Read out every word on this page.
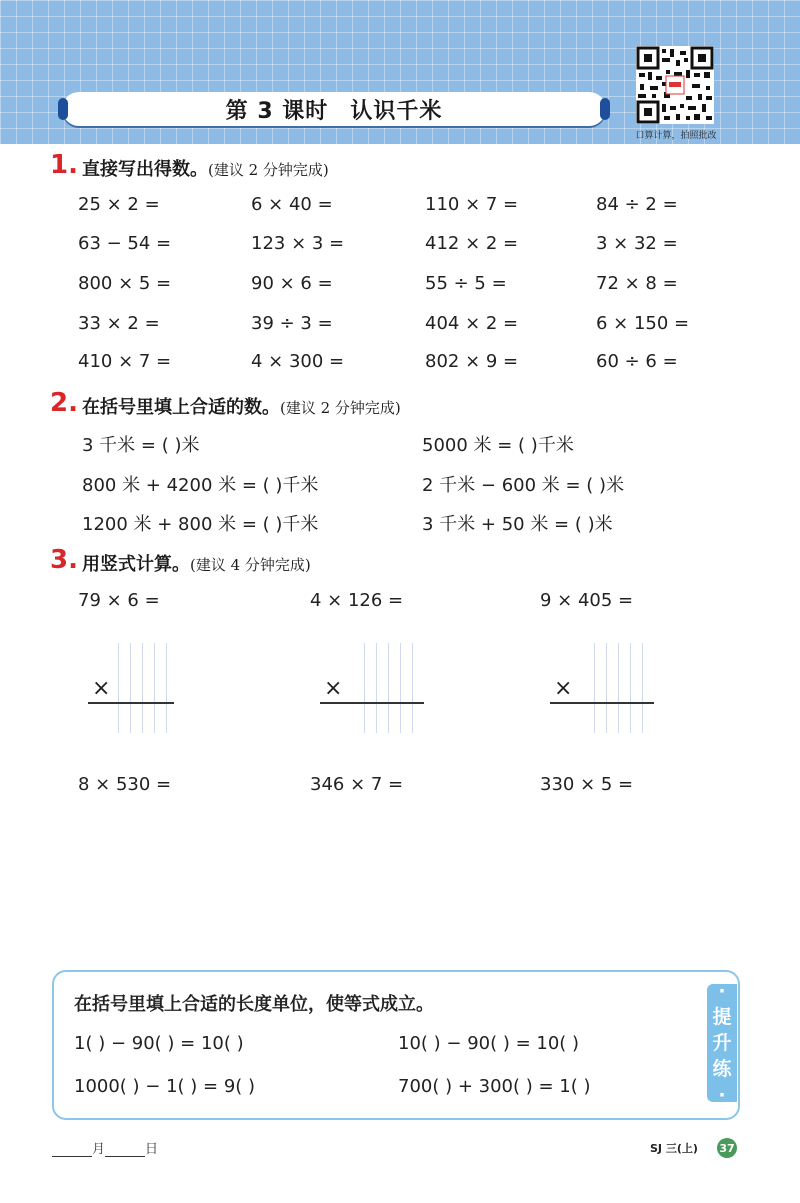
第 3 课时 认识千米
口算计算，拍照批改
1. 直接写出得数。(建议 2 分钟完成)
25 × 2 =	6 × 40 =	110 × 7 =	84 ÷ 2 =
63 − 54 =	123 × 3 =	412 × 2 =	3 × 32 =
800 × 5 =	90 × 6 =	55 ÷ 5 =	72 × 8 =
33 × 2 =	39 ÷ 3 =	404 × 2 =	6 × 150 =
410 × 7 =	4 × 300 =	802 × 9 =	60 ÷ 6 =
2. 在括号里填上合适的数。(建议 2 分钟完成)
3 千米 = ( )米	5000 米 = ( )千米
800 米 + 4200 米 = ( )千米	2 千米 − 600 米 = ( )米
1200 米 + 800 米 = ( )千米	3 千米 + 50 米 = ( )米
3. 用竖式计算。(建议 4 分钟完成)
79 × 6 =	4 × 126 =	9 × 405 =
×	×	×
8 × 530 =	346 × 7 =	330 × 5 =
·
提
升
练
·
在括号里填上合适的长度单位，使等式成立。
1( ) − 90( ) = 10( )	10( ) − 90( ) = 10( )
1000( ) − 1( ) = 9( )	700( ) + 300( ) = 1( )
月	日	SJ 三(上) 37
